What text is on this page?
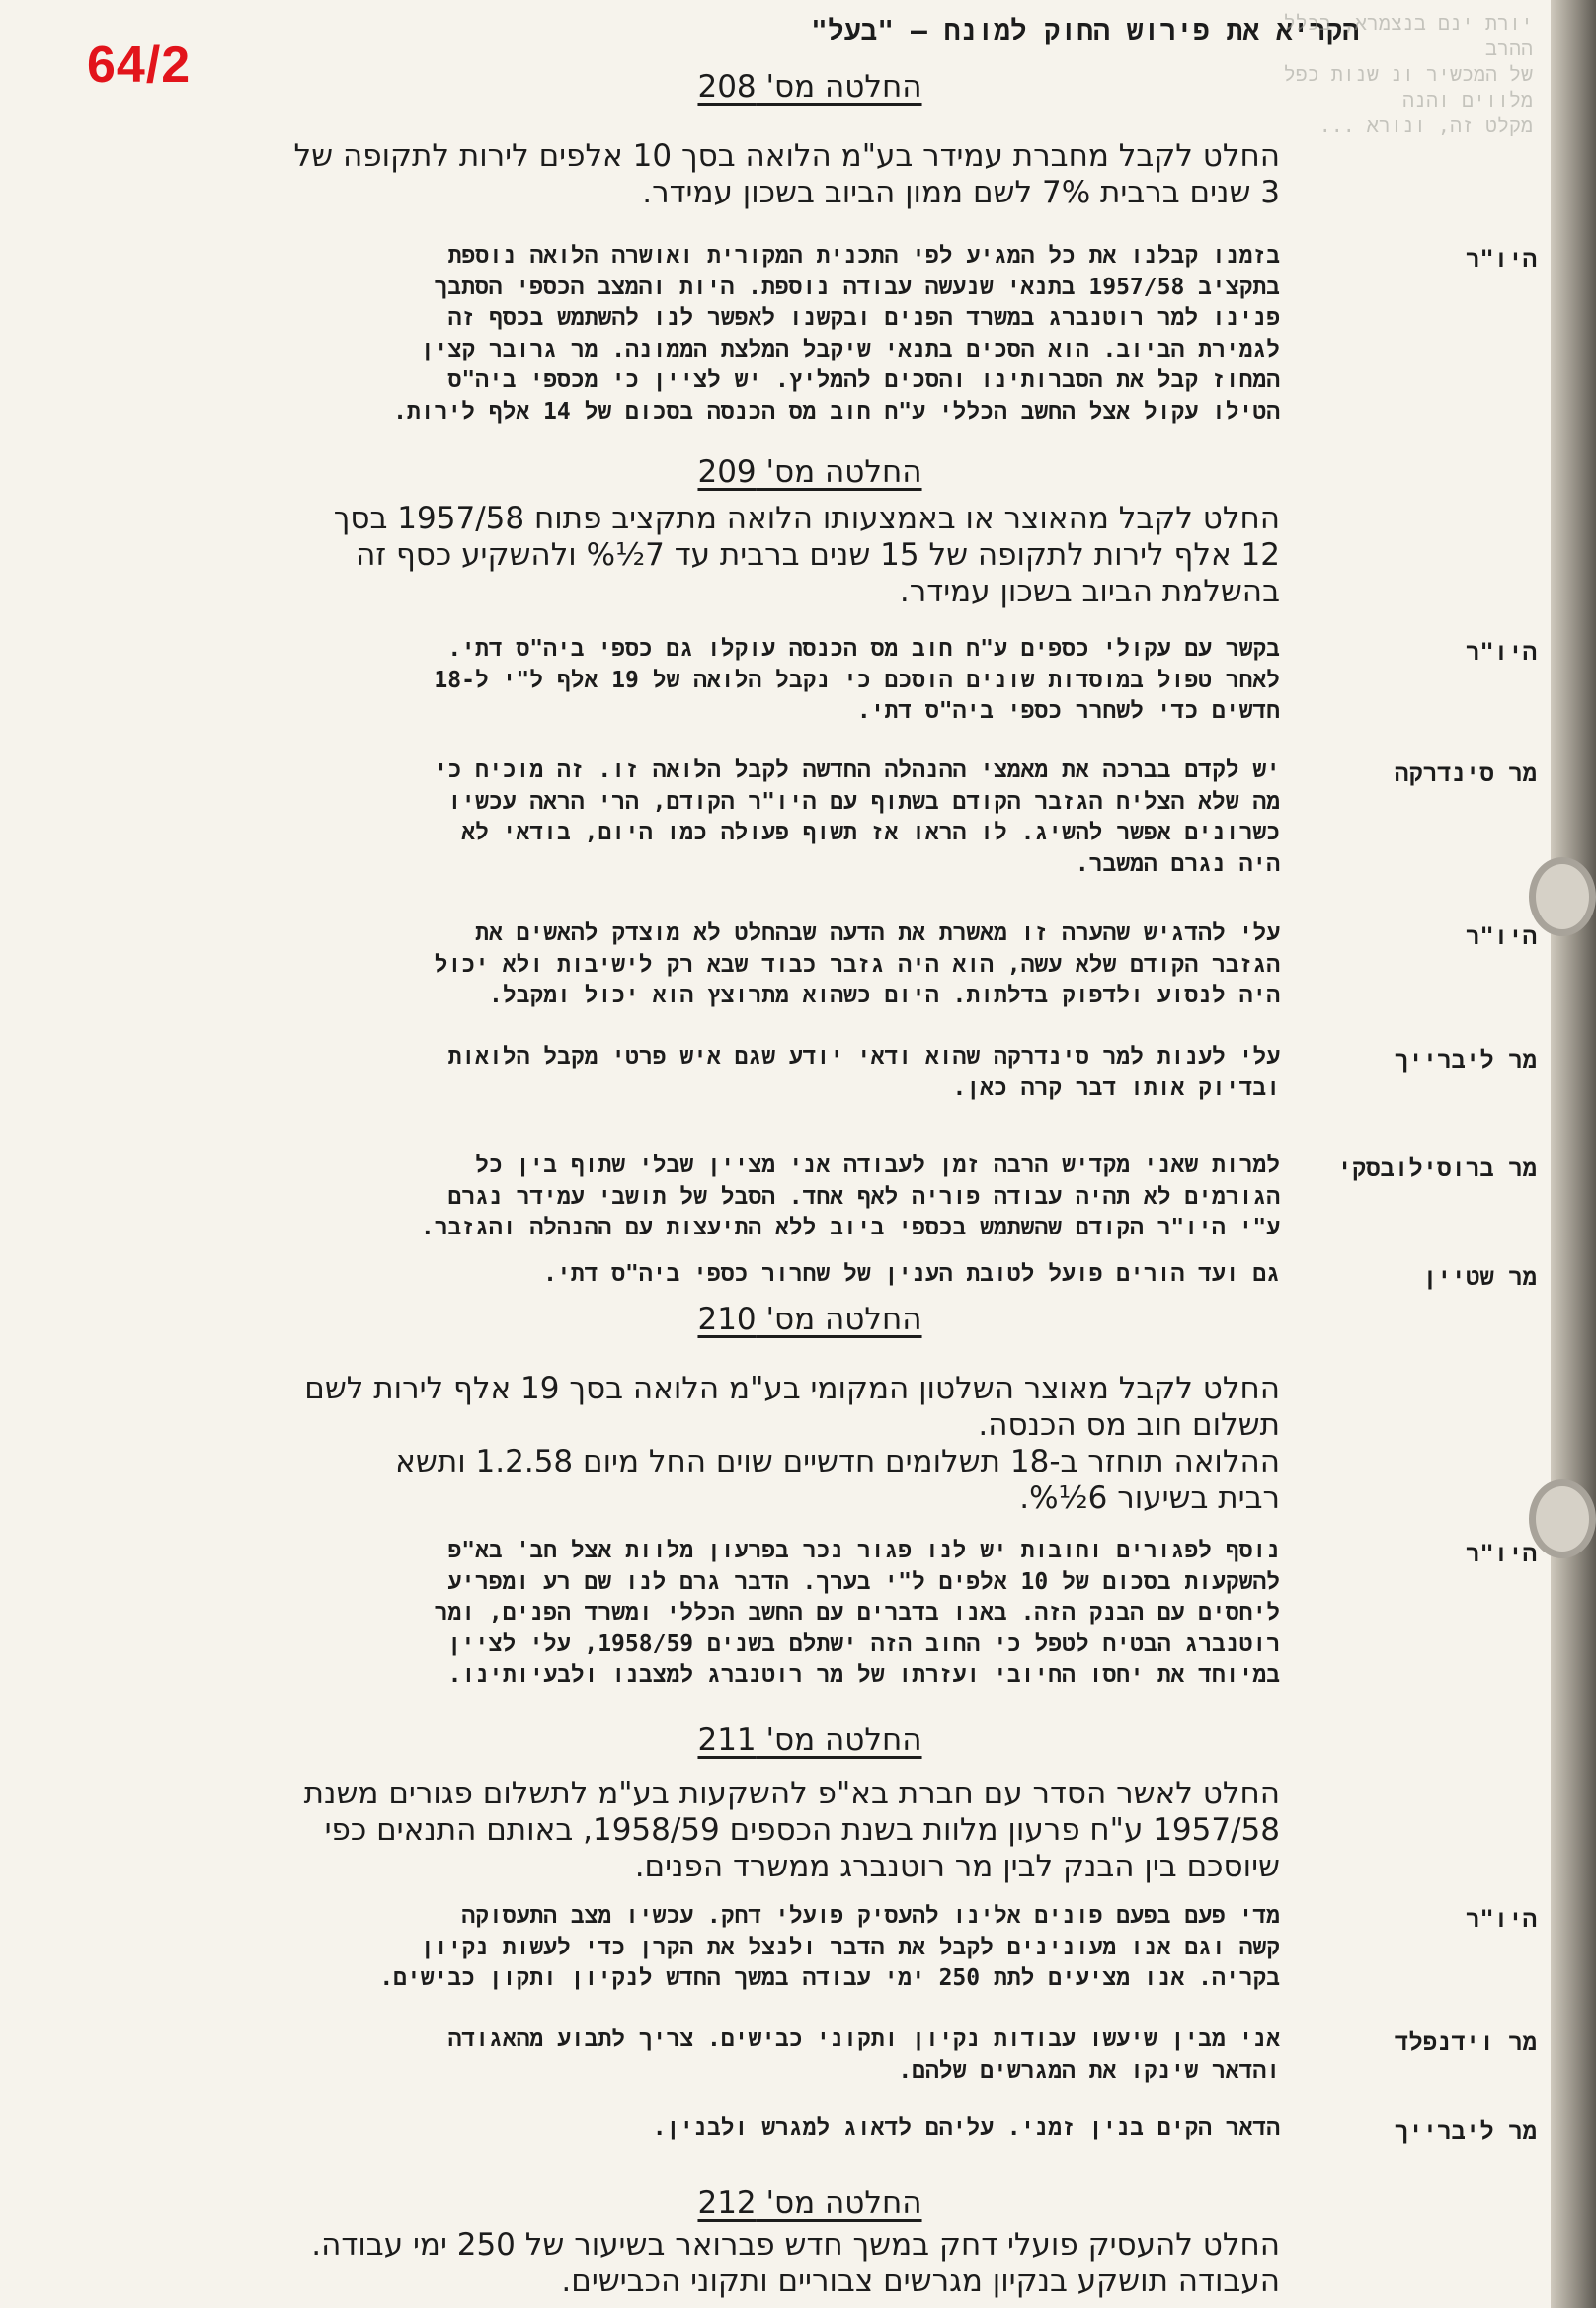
64/2
הקריא את פירוש החוק למונח – "בעל"
יורת ינם בנצמרא, בכלל ההרב
של המכשיר ונ שנות כפל מלווים והנה
מקלט זה, ונורא ...
החלטה מס' 208
החלט לקבל מחברת עמידר בע"מ הלואה בסך 10 אלפים לירות לתקופה של
3 שנים ברבית 7% לשם ממון הביוב בשכון עמידר.
בזמנו קבלנו את כל המגיע לפי התכנית המקורית ואושרה הלואה נוספת
בתקציב 1957/58 בתנאי שנעשה עבודה נוספת. היות והמצב הכספי הסתבך
פנינו למר רוטנברג במשרד הפנים ובקשנו לאפשר לנו להשתמש בכסף זה
לגמירת הביוב. הוא הסכים בתנאי שיקבל המלצת הממונה. מר גרובר קצין
המחוז קבל את הסברותינו והסכים להמליץ. יש לציין כי מכספי ביה"ס
הטילו עקול אצל החשב הכללי ע"ח חוב מס הכנסה בסכום של 14 אלף לירות.
היו"ר
החלטה מס' 209
החלט לקבל מהאוצר או באמצעותו הלואה מתקציב פתוח 1957/58 בסך
12 אלף לירות לתקופה של 15 שנים ברבית עד 7½% ולהשקיע כסף זה
בהשלמת הביוב בשכון עמידר.
בקשר עם עקולי כספים ע"ח חוב מס הכנסה עוקלו גם כספי ביה"ס דתי.
לאחר טפול במוסדות שונים הוסכם כי נקבל הלואה של 19 אלף ל"י ל-18
חדשים כדי לשחרר כספי ביה"ס דתי.
היו"ר
יש לקדם בברכה את מאמצי ההנהלה החדשה לקבל הלואה זו. זה מוכיח כי
מה שלא הצליח הגזבר הקודם בשתוף עם היו"ר הקודם, הרי הראה עכשיו
כשרונים אפשר להשיג. לו הראו אז תשוף פעולה כמו היום, בודאי לא
היה נגרם המשבר.
מר סינדרקה
עלי להדגיש שהערה זו מאשרת את הדעה שבהחלט לא מוצדק להאשים את
הגזבר הקודם שלא עשה, הוא היה גזבר כבוד שבא רק לישיבות ולא יכול
היה לנסוע ולדפוק בדלתות. היום כשהוא מתרוצץ הוא יכול ומקבל.
היו"ר
עלי לענות למר סינדרקה שהוא ודאי יודע שגם איש פרטי מקבל הלואות
ובדיוק אותו דבר קרה כאן.
מר ליברייך
למרות שאני מקדיש הרבה זמן לעבודה אני מציין שבלי שתוף בין כל
הגורמים לא תהיה עבודה פוריה לאף אחד. הסבל של תושבי עמידר נגרם
ע"י היו"ר הקודם שהשתמש בכספי ביוב ללא התיעצות עם ההנהלה והגזבר.
מר ברוסילובסקי
גם ועד הורים פועל לטובת הענין של שחרור כספי ביה"ס דתי.	מר שטיין
החלטה מס' 210
החלט לקבל מאוצר השלטון המקומי בע"מ הלואה בסך 19 אלף לירות לשם
תשלום חוב מס הכנסה.
ההלואה תוחזר ב-18 תשלומים חדשיים שוים החל מיום 1.2.58 ותשא
רבית בשיעור 6½%.
נוסף לפגורים וחובות יש לנו פגור נכר בפרעון מלוות אצל חב' בא"פ
להשקעות בסכום של 10 אלפים ל"י בערך. הדבר גרם לנו שם רע ומפריע
ליחסים עם הבנק הזה. באנו בדברים עם החשב הכללי ומשרד הפנים, ומר
רוטנברג הבטיח לטפל כי החוב הזה ישתלם בשנים 1958/59, עלי לציין
במיוחד את יחסו החיובי ועזרתו של מר רוטנברג למצבנו ולבעיותינו.
היו"ר
החלטה מס' 211
החלט לאשר הסדר עם חברת בא"פ להשקעות בע"מ לתשלום פגורים משנת
1957/58 ע"ח פרעון מלוות בשנת הכספים 1958/59, באותם התנאים כפי
שיוסכם בין הבנק לבין מר רוטנברג ממשרד הפנים.
מדי פעם בפעם פונים אלינו להעסיק פועלי דחק. עכשיו מצב התעסוקה
קשה וגם אנו מעונינים לקבל את הדבר ולנצל את הקרן כדי לעשות נקיון
בקריה. אנו מציעים לתת 250 ימי עבודה במשך החדש לנקיון ותקון כבישים.
היו"ר
אני מבין שיעשו עבודות נקיון ותקוני כבישים. צריך לתבוע מהאגודה
והדאר שינקו את המגרשים שלהם.
מר וידנפלד
הדאר הקים בנין זמני. עליהם לדאוג למגרש ולבנין.	מר ליברייך
החלטה מס' 212
החלט להעסיק פועלי דחק במשך חדש פברואר בשיעור של 250 ימי עבודה.
העבודה תושקע בנקיון מגרשים צבוריים ותקוני הכבישים.
